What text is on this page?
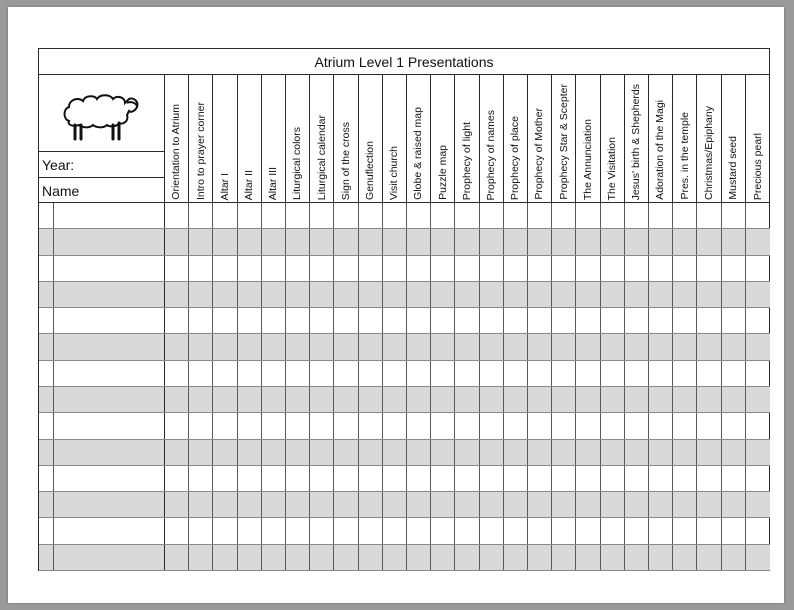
Atrium Level 1 Presentations
Year:
Name	Orientation to Atrium Intro to prayer corner Altar I Altar II Altar III Liturgical colors Liturgical calendar Sign of the cross Genuflection Visit church Globe & raised map Puzzle map Prophecy of light Prophecy of names Prophecy of place Prophecy of Mother Prophecy Star & Scepter The Annunciation The Visitation Jesus' birth & Shepherds Adoration of the Magi Pres. in the temple Christmas/Epiphany Mustard seed Precious pearl
